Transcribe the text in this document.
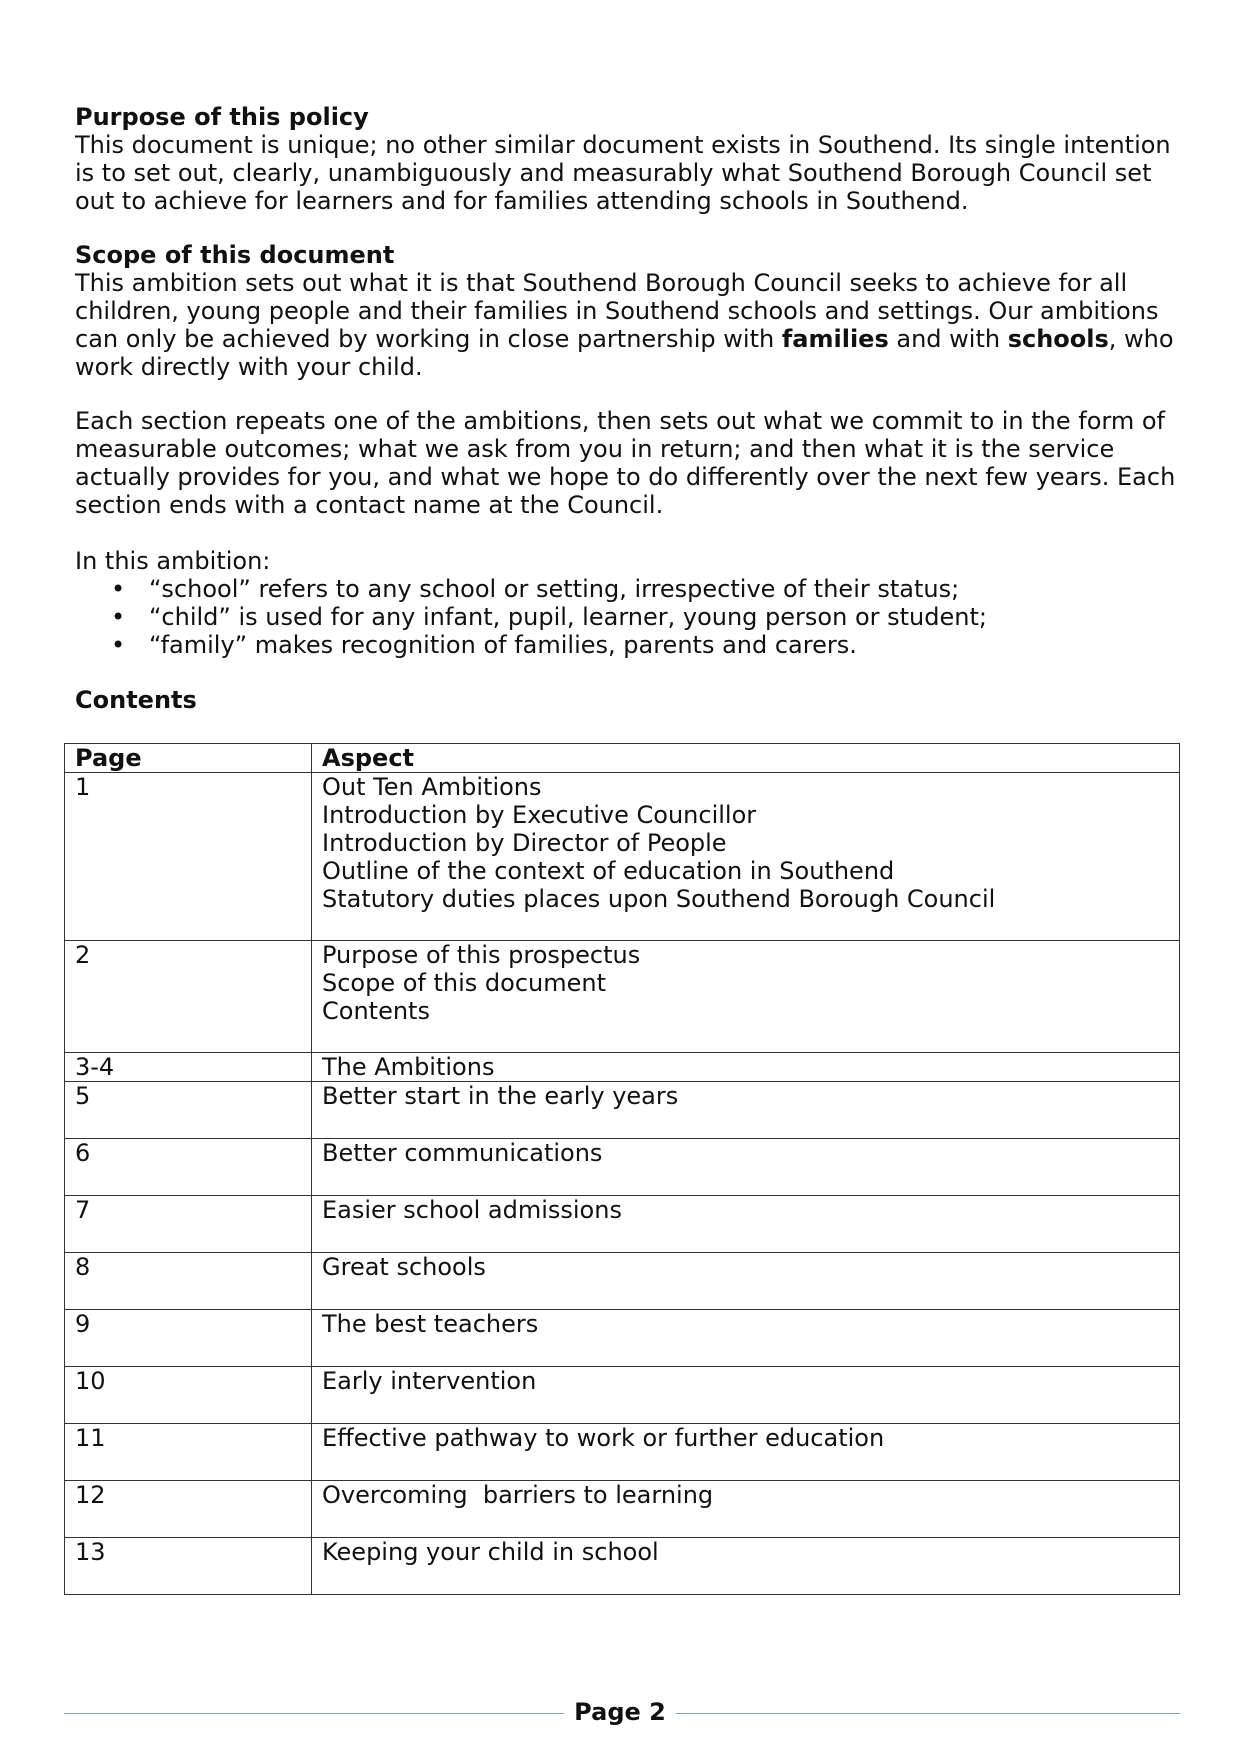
Purpose of this policy

This document is unique; no other similar document exists in Southend. Its single intention is to set out, clearly, unambiguously and measurably what Southend Borough Council set out to achieve for learners and for families attending schools in Southend.

Scope of this document

This ambition sets out what it is that Southend Borough Council seeks to achieve for all children, young people and their families in Southend schools and settings. Our ambitions can only be achieved by working in close partnership with families and with schools, who work directly with your child.

Each section repeats one of the ambitions, then sets out what we commit to in the form of measurable outcomes; what we ask from you in return; and then what it is the service actually provides for you, and what we hope to do differently over the next few years. Each section ends with a contact name at the Council.

In this ambition:
• “school” refers to any school or setting, irrespective of their status;
• “child” is used for any infant, pupil, learner, young person or student;
• “family” makes recognition of families, parents and carers.
Contents
Page	Aspect
1	Out Ten Ambitions
Introduction by Executive Councillor
Introduction by Director of People
Outline of the context of education in Southend
Statutory duties places upon Southend Borough Council

2	Purpose of this prospectus
Scope of this document
Contents

3-4	The Ambitions

5	Better start in the early years

6	Better communications

7	Easier school admissions

8	Great schools

9	The best teachers

10	Early intervention

11	Effective pathway to work or further education

12	Overcoming  barriers to learning

13	Keeping your child in school
Page 2
